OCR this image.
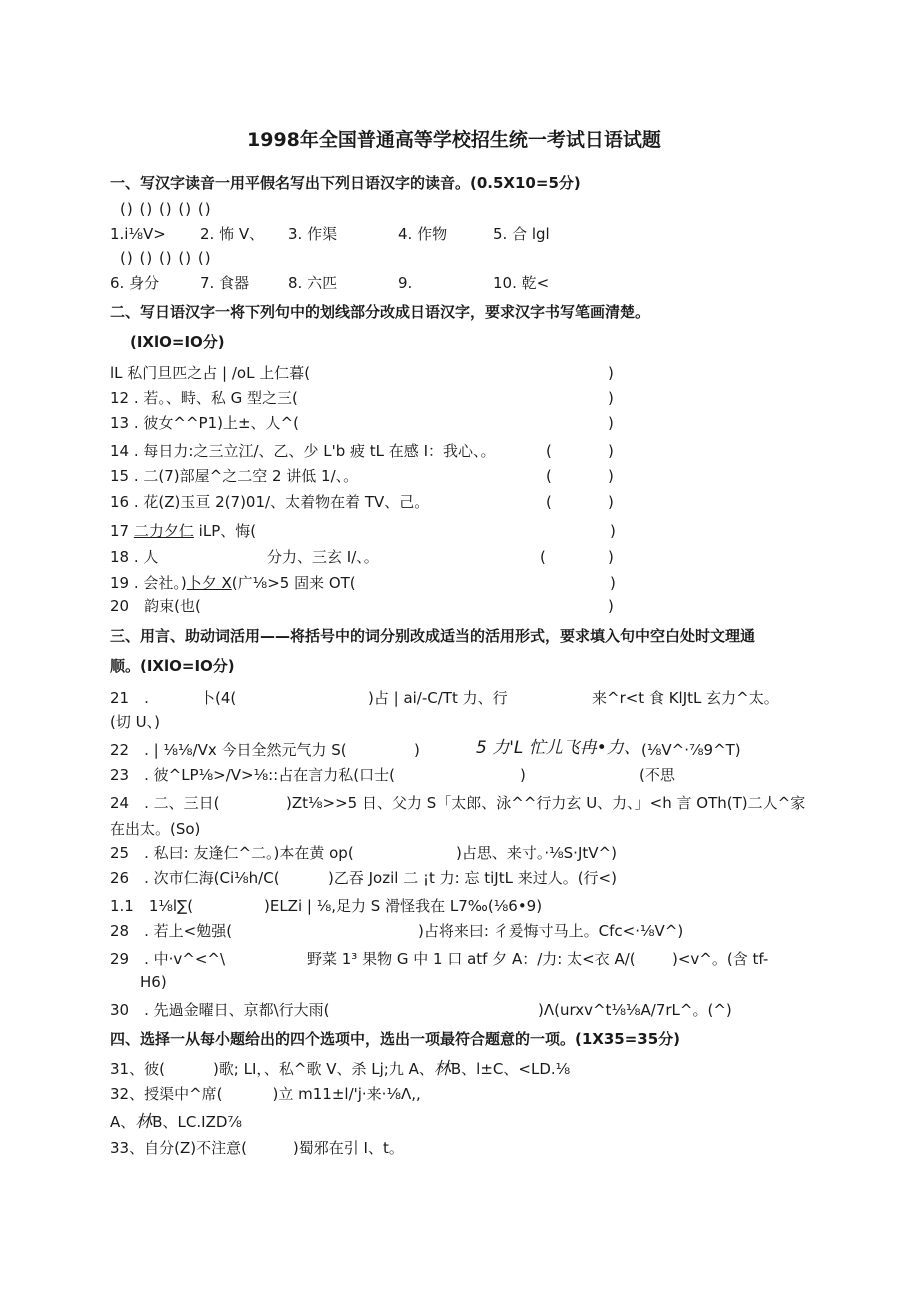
1998年全国普通高等学校招生统一考试日语试题
一、写汉字读音一用平假名写出下列日语汉字的读音。(0.5X10=5分)
() () () () ()
1.i⅛V> 2. 怖 V、 3. 作渠	4. 作物	5. 合 lgl
() () () () ()
6. 身分	7. 食器	8. 六匹	9.	10. 乾<
二、写日语汉字一将下列句中的划线部分改成日语汉字，要求汉字书写笔画清楚。
(IXlO=IO分)
lL 私门旦匹之占 | /oL 上仁暮(	)
12 . 若。、畤、私 G 型之三(	)
13 . 彼女^^P1)上±、人^(	)
14 . 每日力:之三立江/、乙、少 L'b 疲 tL 在感 I：我心、。	(	)
15 . 二(7)部屋^之二空 2 讲低 1/、。	(	)
16 . 花(Z)玉亘 2(7)01/、太着物在着 TV、己。	(	)
17 二力夕仁 iLP、悔(	)
18 . 人	分力、三玄 I/、。	(	)
19 . 会社。)卜夕 X(广⅛>5 固来 OT(	)
20　韵束(也(	)
三、用言、助动词活用——将括号中的词分别改成适当的活用形式，要求填入句中空白处时文理通
顺。(IXlO=IO分)
21　.	卜(4(	)占 | ai/-C/Tt 力、行	来^r<t 食 KlJtL 玄力^太。
(切 U、)
22　. | ⅛⅛/Vx 今日全然元气力 S(	)	5 力'L 忙儿飞冉•力、 (⅛V^·⅞9^T)
23　. 彼^LP⅛>/V>⅛::占在言力私(口士(	)	(不思
24　. 二、三日(	)Zt⅛>>5 日、父力 S「太郎、泳^^行力玄 U、力、」<h 言 OTh(T)二人^家
在出太。(So)
25　. 私曰: 友逢仁^二。)本在黄 op(	)占思、来寸。·⅛S·JtV^)
26　. 次市仁海(Ci⅛h/C(	)乙吞 Jozil 二 ¡t 力: 忘 tiJtL 来过人。(行<)
1.1　1⅛l∑(	)ELZi | ⅛,足力 S 滑怪我在 L7‰(⅛6•9)
28　. 若上<勉强(	)占将来曰: 彳爰悔寸马上。Cfc<·⅛V^)
29　. 中·v^<^\	野菜 1³ 果物 G 中 1 口 atf 夕 A：/力: 太<衣 A/( )<v^。(含 tf-
H6)
30　. 先過金曜日、京都\行大雨(	)Λ(urxv^t⅛⅛A/7rL^。(^)
四、选择一从每小题给出的四个选项中，选出一项最符合题意的一项。(1X35=35分)
31、彼(	)歌; LI，、私^歌 V、杀 Lj;九 A、林B、l±C、<LD.⅛
32、授渠中^席(	)立 m11±l/'j·来·⅛Λ,,
A、林B、LC.IZD⅞
33、自分(Z)不注意(	)蜀邪在引 I、t。
